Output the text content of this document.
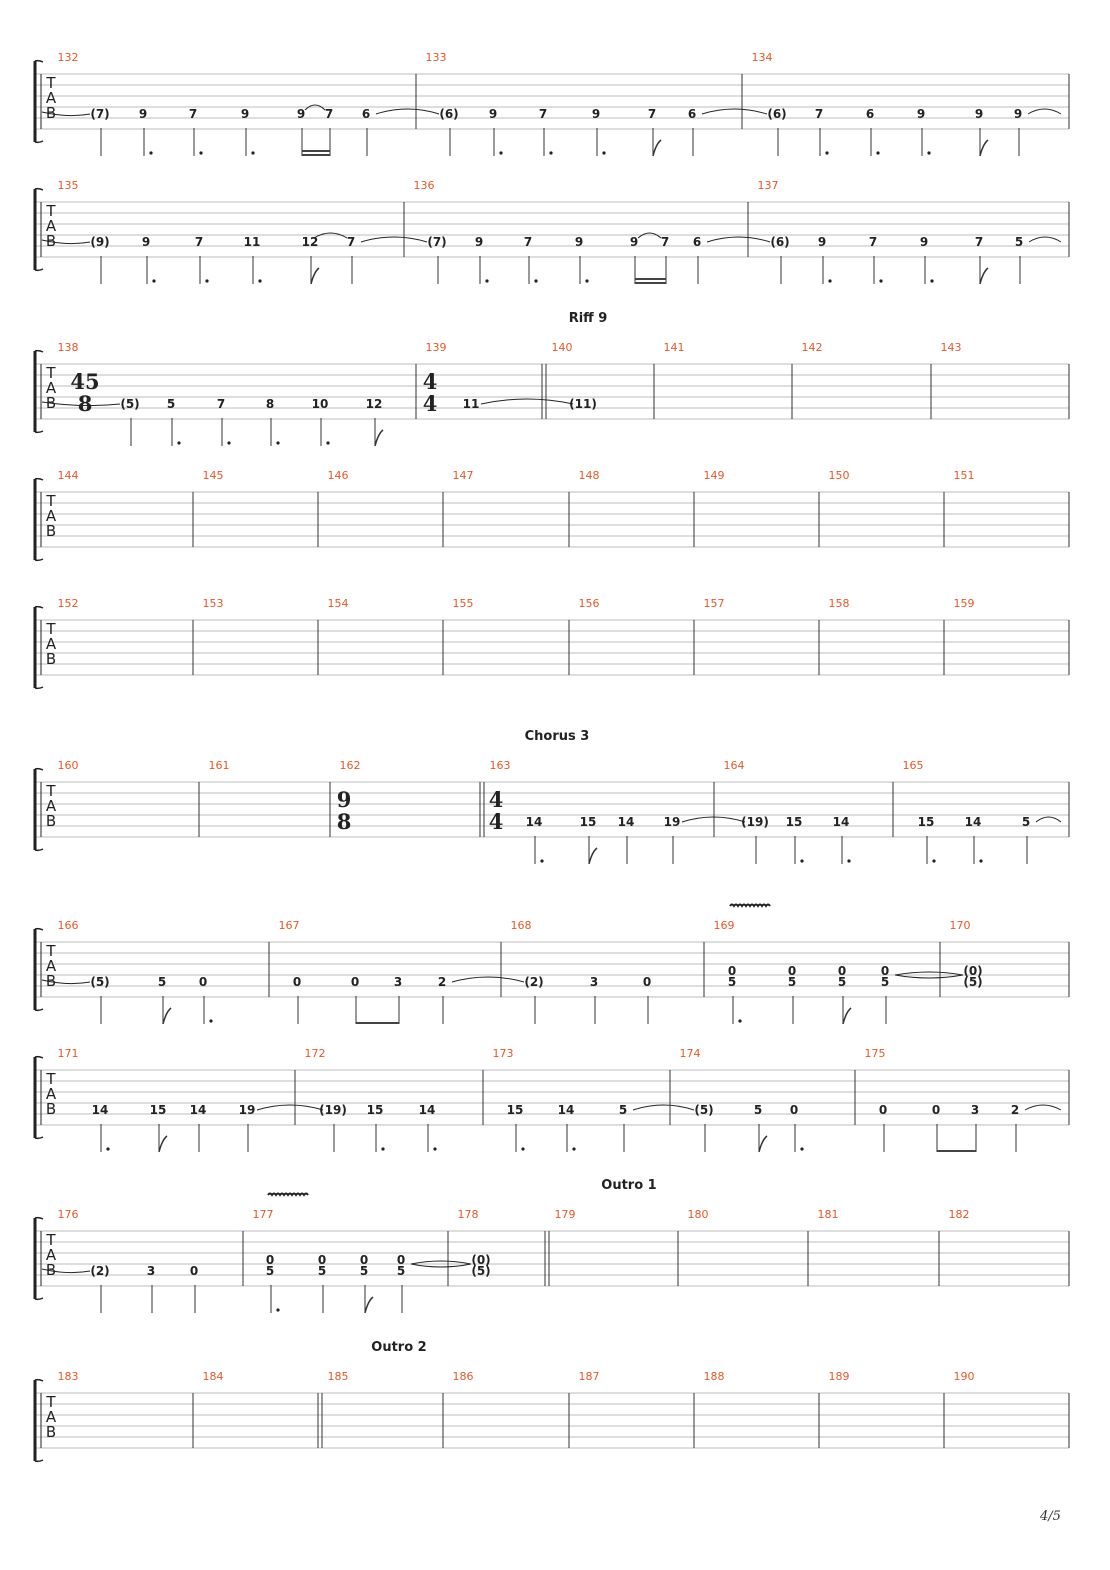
T
A
B
132
(7) 9	7	9	9 7 6
133
(6)	9	7	9	7	6
134
(6) 7	6	9	9	9
T
A
B
135
(9)	9	7	11	12 7
136
(7) 9	7	9	9 7 6
137
(6) 9	7	9	7	5
Riff 9
T
A
B
138
45
8 (5) 5	7	8	10	12
139
4
4 11
140
(11)
141	142	143
T
A
B
144	145	146	147	148	149	150	151
T
A
B
152	153	154	155	156	157	158	159
Chorus 3
T
A
B
160	161	162
9
8
163
4
4 14	15 14 19
164
(19) 15	14
165
15	14	5
T
A
B
166
(5)	5	0
167
0	0	3	2
168
(2)	3	0
169
0
5
0
5
0
5
0
5
170
(0)
(5)
T
A
B
171
14	15 14	19
172
(19) 15	14
173
15	14	5
174
(5)	5 0
175
0	0	3	2
Outro 1
T
A
B
176
(2)	3	0
177
0
5
0
5
0
5
0
5
178
(0)
(5)
179	180	181	182
Outro 2
T
A
B
183	184	185	186	187	188	189	190
4/5
